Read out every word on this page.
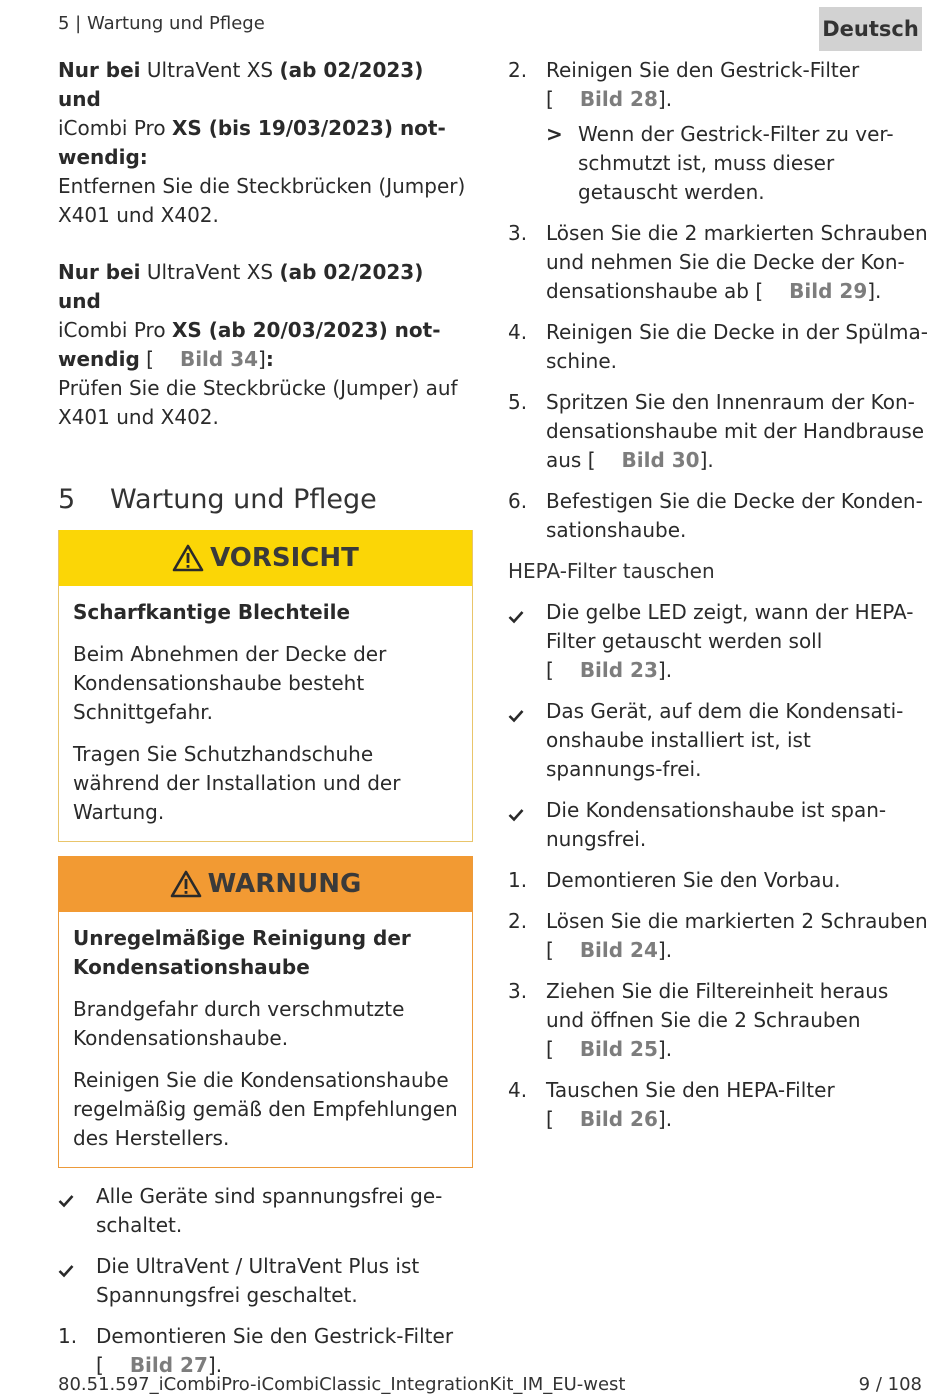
5 | Wartung und Pflege	Deutsch

Nur bei UltraVent XS (ab 02/2023) und
iCombi Pro XS (bis 19/03/2023) not-wendig:
Entfernen Sie die Steckbrücken (Jumper) X401 und X402.

Nur bei UltraVent XS (ab 02/2023) und
iCombi Pro XS (ab 20/03/2023) not-wendig [ Bild 34]:
Prüfen Sie die Steckbrücke (Jumper) auf X401 und X402.

5 Wartung und Pflege
VORSICHT

Scharfkantige Blechteile

Beim Abnehmen der Decke der Kondensationshaube besteht Schnittgefahr.

Tragen Sie Schutzhandschuhe während der Installation und der Wartung.

WARNUNG

Unregelmäßige Reinigung der Kondensationshaube

Brandgefahr durch verschmutzte Kondensationshaube.

Reinigen Sie die Kondensationshaube regelmäßig gemäß den Empfehlungen des Herstellers.

Alle Geräte sind spannungsfrei ge-schaltet.
Die UltraVent / UltraVent Plus ist Spannungsfrei geschaltet.
1. Demontieren Sie den Gestrick-Filter
[ Bild 27].
2. Reinigen Sie den Gestrick-Filter
[ Bild 28].
> Wenn der Gestrick-Filter zu ver-schmutzt ist, muss dieser getauscht werden.
3. Lösen Sie die 2 markierten Schrauben und nehmen Sie die Decke der Kon-densationshaube ab [ Bild 29].
4. Reinigen Sie die Decke in der Spülma-schine.
5. Spritzen Sie den Innenraum der Kon-densationshaube mit der Handbrause aus [ Bild 30].
6. Befestigen Sie die Decke der Konden-sationshaube.
HEPA-Filter tauschen
Die gelbe LED zeigt, wann der HEPA-Filter getauscht werden soll
[ Bild 23].
Das Gerät, auf dem die Kondensati-onshaube installiert ist, ist spannungs-frei.
Die Kondensationshaube ist span-nungsfrei.
1. Demontieren Sie den Vorbau.
2. Lösen Sie die markierten 2 Schrauben
[ Bild 24].
3. Ziehen Sie die Filtereinheit heraus und öffnen Sie die 2 Schrauben
[ Bild 25].
4. Tauschen Sie den HEPA-Filter
[ Bild 26].
80.51.597_iCombiPro-iCombiClassic_IntegrationKit_IM_EU-west	9 / 108
